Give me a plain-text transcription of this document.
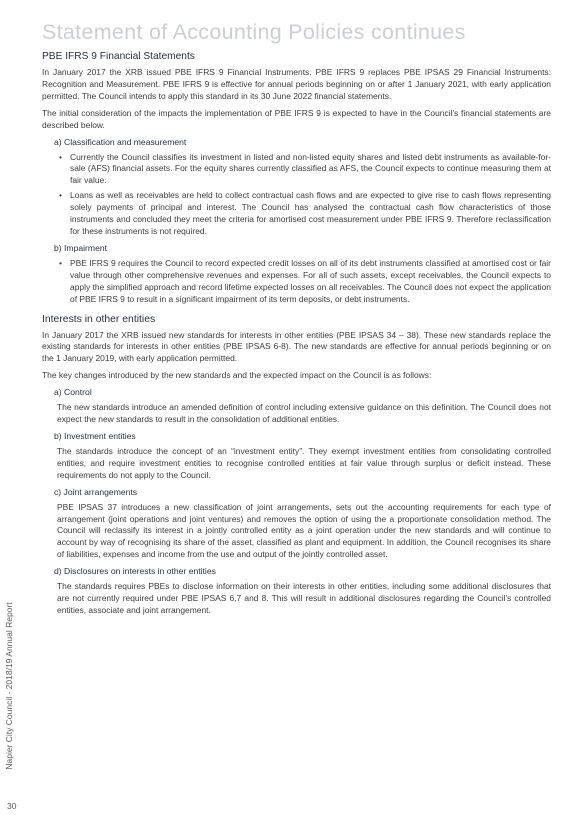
Statement of Accounting Policies continues
PBE IFRS 9 Financial Statements

In January 2017 the XRB issued PBE IFRS 9 Financial Instruments. PBE IFRS 9 replaces PBE IPSAS 29 Financial Instruments: Recognition and Measurement. PBE IFRS 9 is effective for annual periods beginning on or after 1 January 2021, with early application permitted. The Council intends to apply this standard in its 30 June 2022 financial statements.

The initial consideration of the impacts the implementation of PBE IFRS 9 is expected to have in the Council's financial statements are described below.

a) Classification and measurement
• Currently the Council classifies its investment in listed and non-listed equity shares and listed debt instruments as available-for-sale (AFS) financial assets. For the equity shares currently classified as AFS, the Council expects to continue measuring them at fair value.
• Loans as well as receivables are held to collect contractual cash flows and are expected to give rise to cash flows representing solely payments of principal and interest. The Council has analysed the contractual cash flow characteristics of those instruments and concluded they meet the criteria for amortised cost measurement under PBE IFRS 9. Therefore reclassification for these instruments is not required.
b) Impairment
• PBE IFRS 9 requires the Council to record expected credit losses on all of its debt instruments classified at amortised cost or fair value through other comprehensive revenues and expenses. For all of such assets, except receivables, the Council expects to apply the simplified approach and record lifetime expected losses on all receivables. The Council does not expect the application of PBE IFRS 9 to result in a significant impairment of its term deposits, or debt instruments.
Interests in other entities

In January 2017 the XRB issued new standards for interests in other entities (PBE IPSAS 34 – 38). These new standards replace the existing standards for interests in other entities (PBE IPSAS 6-8). The new standards are effective for annual periods beginning or on the 1 January 2019, with early application permitted.

The key changes introduced by the new standards and the expected impact on the Council is as follows:

a) Control

The new standards introduce an amended definition of control including extensive guidance on this definition. The Council does not expect the new standards to result in the consolidation of additional entities.

b) Investment entities

The standards introduce the concept of an “investment entity”. They exempt investment entities from consolidating controlled entities, and require investment entities to recognise controlled entities at fair value through surplus or deficit instead. These requirements do not apply to the Council.

c) Joint arrangements

PBE IPSAS 37 introduces a new classification of joint arrangements, sets out the accounting requirements for each type of arrangement (joint operations and joint ventures) and removes the option of using the a proportionate consolidation method. The Council will reclassify its interest in a jointly controlled entity as a joint operation under the new standards and will continue to account by way of recognising its share of the asset, classified as plant and equipment. In addition, the Council recognises its share of liabilities, expenses and income from the use and output of the jointly controlled asset.

d) Disclosures on interests in other entities

The standards requires PBEs to disclose information on their interests in other entities, including some additional disclosures that are not currently required under PBE IPSAS 6,7 and 8. This will result in additional disclosures regarding the Council's controlled entities, associate and joint arrangement.

Napier City Council - 2018/19 Annual Report
30
